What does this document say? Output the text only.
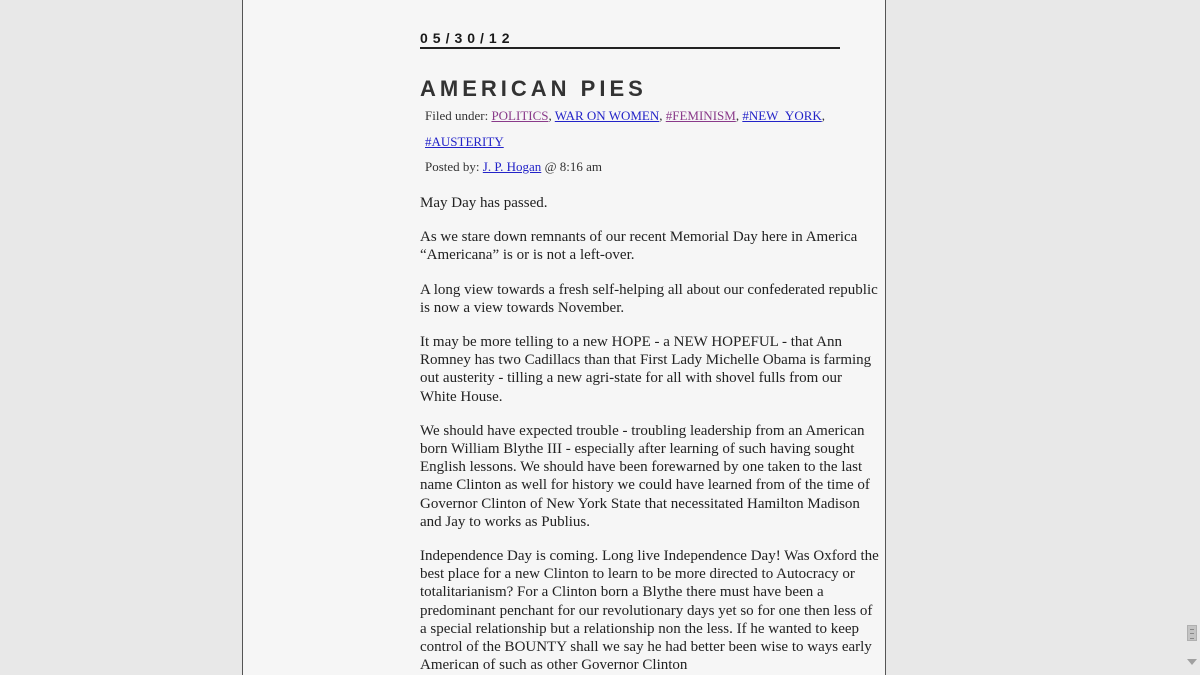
05/30/12
AMERICAN PIES
Filed under: POLITICS, WAR ON WOMEN, #FEMINISM, #NEW_YORK, #AUSTERITY
Posted by: J. P. Hogan @ 8:16 am

May Day has passed.

As we stare down remnants of our recent Memorial Day here in America “Americana” is or is not a left-over.

A long view towards a fresh self-helping all about our confederated republic is now a view towards November.

It may be more telling to a new HOPE - a NEW HOPEFUL - that Ann Romney has two Cadillacs than that First Lady Michelle Obama is farming out austerity - tilling a new agri-state for all with shovel fulls from our White House.

We should have expected trouble - troubling leadership from an American born William Blythe III - especially after learning of such having sought English lessons. We should have been forewarned by one taken to the last name Clinton as well for history we could have learned from of the time of Governor Clinton of New York State that necessitated Hamilton Madison and Jay to works as Publius.

Independence Day is coming. Long live Independence Day! Was Oxford the best place for a new Clinton to learn to be more directed to Autocracy or totalitarianism? For a Clinton born a Blythe there must have been a predominant penchant for our revolutionary days yet so for one then less of a special relationship but a relationship non the less. If he wanted to keep control of the BOUNTY shall we say he had better been wise to ways early American of such as other Governor Clinton
